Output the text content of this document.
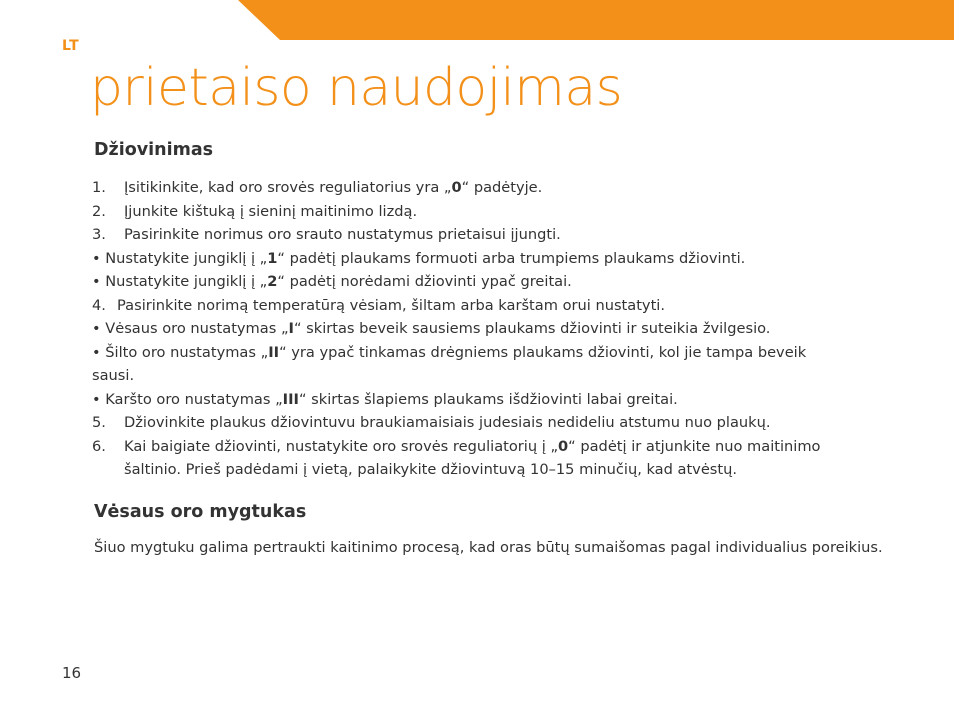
LT
prietaiso naudojimas
Džiovinimas
1.	Įsitikinkite, kad oro srovės reguliatorius yra „0“ padėtyje.
2.	Įjunkite kištuką į sieninį maitinimo lizdą.
3.	Pasirinkite norimus oro srauto nustatymus prietaisui įjungti.
• Nustatykite jungiklį į „1“ padėtį plaukams formuoti arba trumpiems plaukams džiovinti.
• Nustatykite jungiklį į „2“ padėtį norėdami džiovinti ypač greitai.
4. Pasirinkite norimą temperatūrą vėsiam, šiltam arba karštam orui nustatyti.
• Vėsaus oro nustatymas „I“ skirtas beveik sausiems plaukams džiovinti ir suteikia žvilgesio.
• Šilto oro nustatymas „II“ yra ypač tinkamas drėgniems plaukams džiovinti, kol jie tampa beveik
sausi.
• Karšto oro nustatymas „III“ skirtas šlapiems plaukams išdžiovinti labai greitai.
5.	Džiovinkite plaukus džiovintuvu braukiamaisiais judesiais nedideliu atstumu nuo plaukų.
6.	Kai baigiate džiovinti, nustatykite oro srovės reguliatorių į „0“ padėtį ir atjunkite nuo maitinimo
šaltinio. Prieš padėdami į vietą, palaikykite džiovintuvą 10–15 minučių, kad atvėstų.
Vėsaus oro mygtukas

Šiuo mygtuku galima pertraukti kaitinimo procesą, kad oras būtų sumaišomas pagal individualius poreikius.

16
